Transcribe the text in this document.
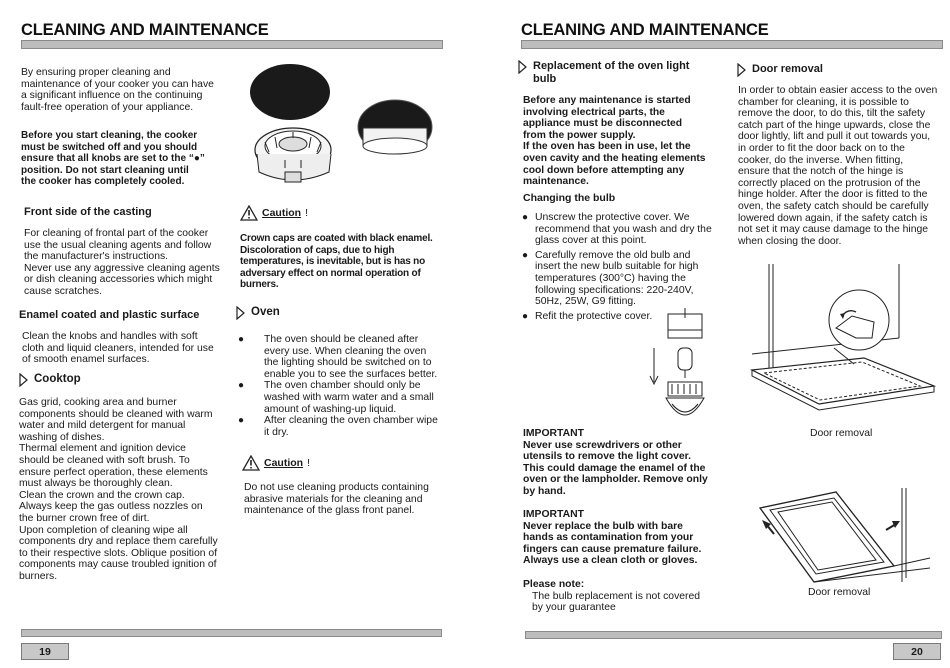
CLEANING AND MAINTENANCE

By ensuring proper cleaning and

maintenance of your cooker you can have

a significant influence on the continuing

fault-free operation of your appliance.

Before you start cleaning, the cooker

must be switched off and you should

ensure that all knobs are set to the “●”

position. Do not start cleaning until

the cooker has completely cooled.

Front side of the casting

For cleaning of frontal part of the cooker

use the usual cleaning agents and follow

the manufacturer's instructions.

Never use any aggressive cleaning agents

or dish cleaning accessories which might

cause scratches.

Enamel coated and plastic surface

Clean the knobs and handles with soft

cloth and liquid cleaners, intended for use

of smooth enamel surfaces.

Cooktop

Gas grid, cooking area and burner

components should be cleaned with warm

water and mild detergent for manual

washing of dishes.

Thermal element and ignition device

should be cleaned with soft brush. To

ensure perfect operation, these elements

must always be thoroughly clean.

Clean the crown and the crown cap.

Always keep the gas outless nozzles on

the burner crown free of dirt.

Upon completion of cleaning wipe all

components dry and replace them carefully

to their respective slots. Oblique position of

components may cause troubled ignition of

burners.

Caution !

Crown caps are coated with black enamel.

Discoloration of caps, due to high

temperatures, is inevitable, but is has no

adversary effect on normal operation of

burners.

Oven
●	The oven should be cleaned after

every use. When cleaning the oven

the lighting should be switched on to

enable you to see the surfaces better.

●	The oven chamber should only be

washed with warm water and a small

amount of washing-up liquid.

●	After cleaning the oven chamber wipe

it dry.

Caution !

Do not use cleaning products containing

abrasive materials for the cleaning and

maintenance of the glass front panel.

19
CLEANING AND MAINTENANCE
Replacement of the oven light
bulb

Before any maintenance is started

involving electrical parts, the

appliance must be disconnected

from the power supply.

If the oven has been in use, let the

oven cavity and the heating elements

cool down before attempting any

maintenance.

Changing the bulb
● Unscrew the protective cover. We

recommend that you wash and dry the

glass cover at this point.

● Carefully remove the old bulb and

insert the new bulb suitable for high

temperatures (300°C) having the

following specifications: 220-240V,

50Hz, 25W, G9 fitting.

● Refit the protective cover.

IMPORTANT

Never use screwdrivers or other

utensils to remove the light cover.

This could damage the enamel of the

oven or the lampholder. Remove only

by hand.

IMPORTANT

Never replace the bulb with bare

hands as contamination from your

fingers can cause premature failure.

Always use a clean cloth or gloves.

Please note:

The bulb replacement is not covered

by your guarantee

Door removal

In order to obtain easier access to the oven

chamber for cleaning, it is possible to

remove the door, to do this, tilt the safety

catch part of the hinge upwards, close the

door lightly, lift and pull it out towards you,

in order to fit the door back on to the

cooker, do the inverse. When fitting,

ensure that the notch of the hinge is

correctly placed on the protrusion of the

hinge holder. After the door is fitted to the

oven, the safety catch should be carefully

lowered down again, if the safety catch is

not set it may cause damage to the hinge

when closing the door.

Door removal
Door removal
20
